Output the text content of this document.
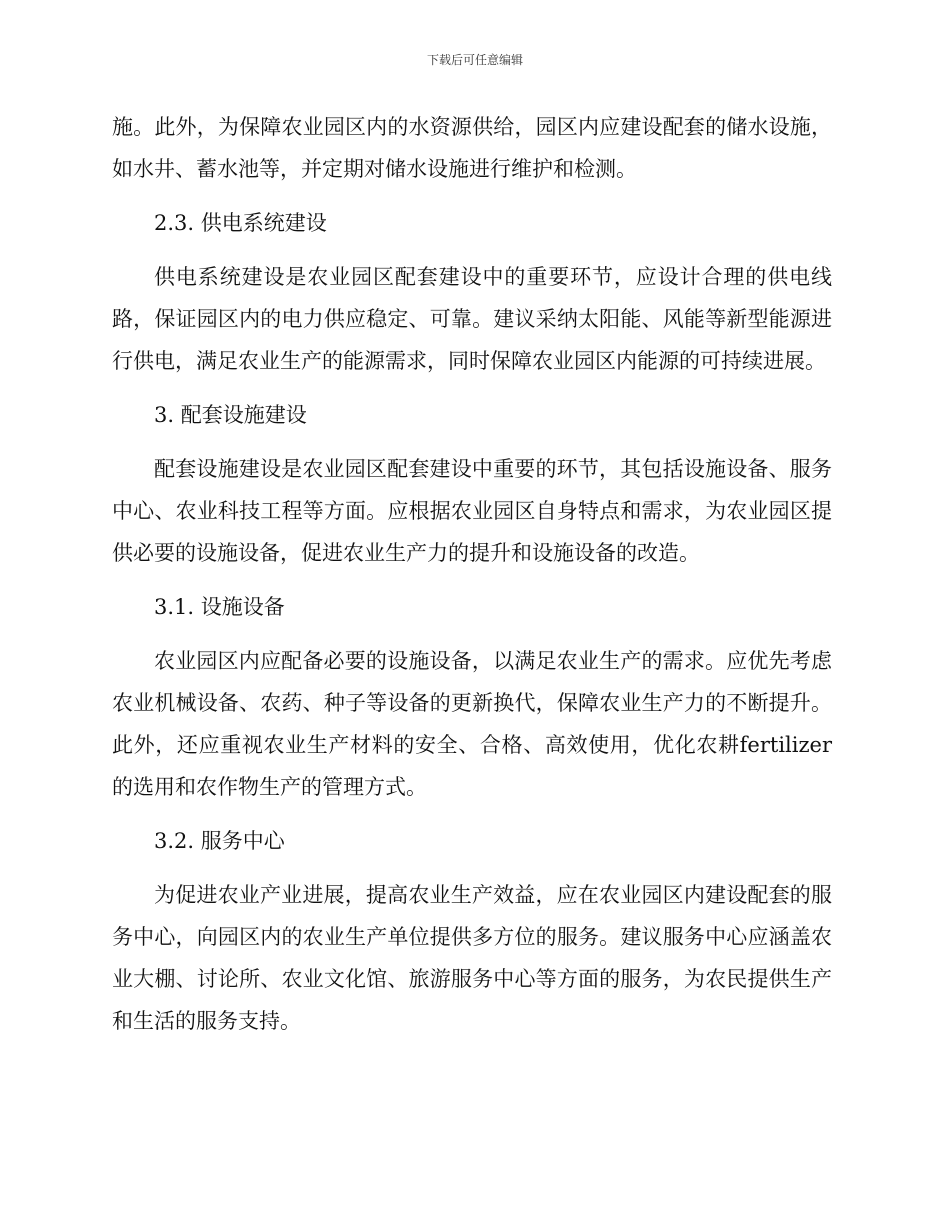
下载后可任意编辑

施。此外，为保障农业园区内的水资源供给，园区内应建设配套的储水设施，如水井、蓄水池等，并定期对储水设施进行维护和检测。

2.3. 供电系统建设

供电系统建设是农业园区配套建设中的重要环节，应设计合理的供电线路，保证园区内的电力供应稳定、可靠。建议采纳太阳能、风能等新型能源进行供电，满足农业生产的能源需求，同时保障农业园区内能源的可持续进展。

3. 配套设施建设

配套设施建设是农业园区配套建设中重要的环节，其包括设施设备、服务中心、农业科技工程等方面。应根据农业园区自身特点和需求，为农业园区提供必要的设施设备，促进农业生产力的提升和设施设备的改造。

3.1. 设施设备

农业园区内应配备必要的设施设备，以满足农业生产的需求。应优先考虑农业机械设备、农药、种子等设备的更新换代，保障农业生产力的不断提升。此外，还应重视农业生产材料的安全、合格、高效使用，优化农耕fertilizer的选用和农作物生产的管理方式。

3.2. 服务中心

为促进农业产业进展，提高农业生产效益，应在农业园区内建设配套的服务中心，向园区内的农业生产单位提供多方位的服务。建议服务中心应涵盖农业大棚、讨论所、农业文化馆、旅游服务中心等方面的服务，为农民提供生产和生活的服务支持。
